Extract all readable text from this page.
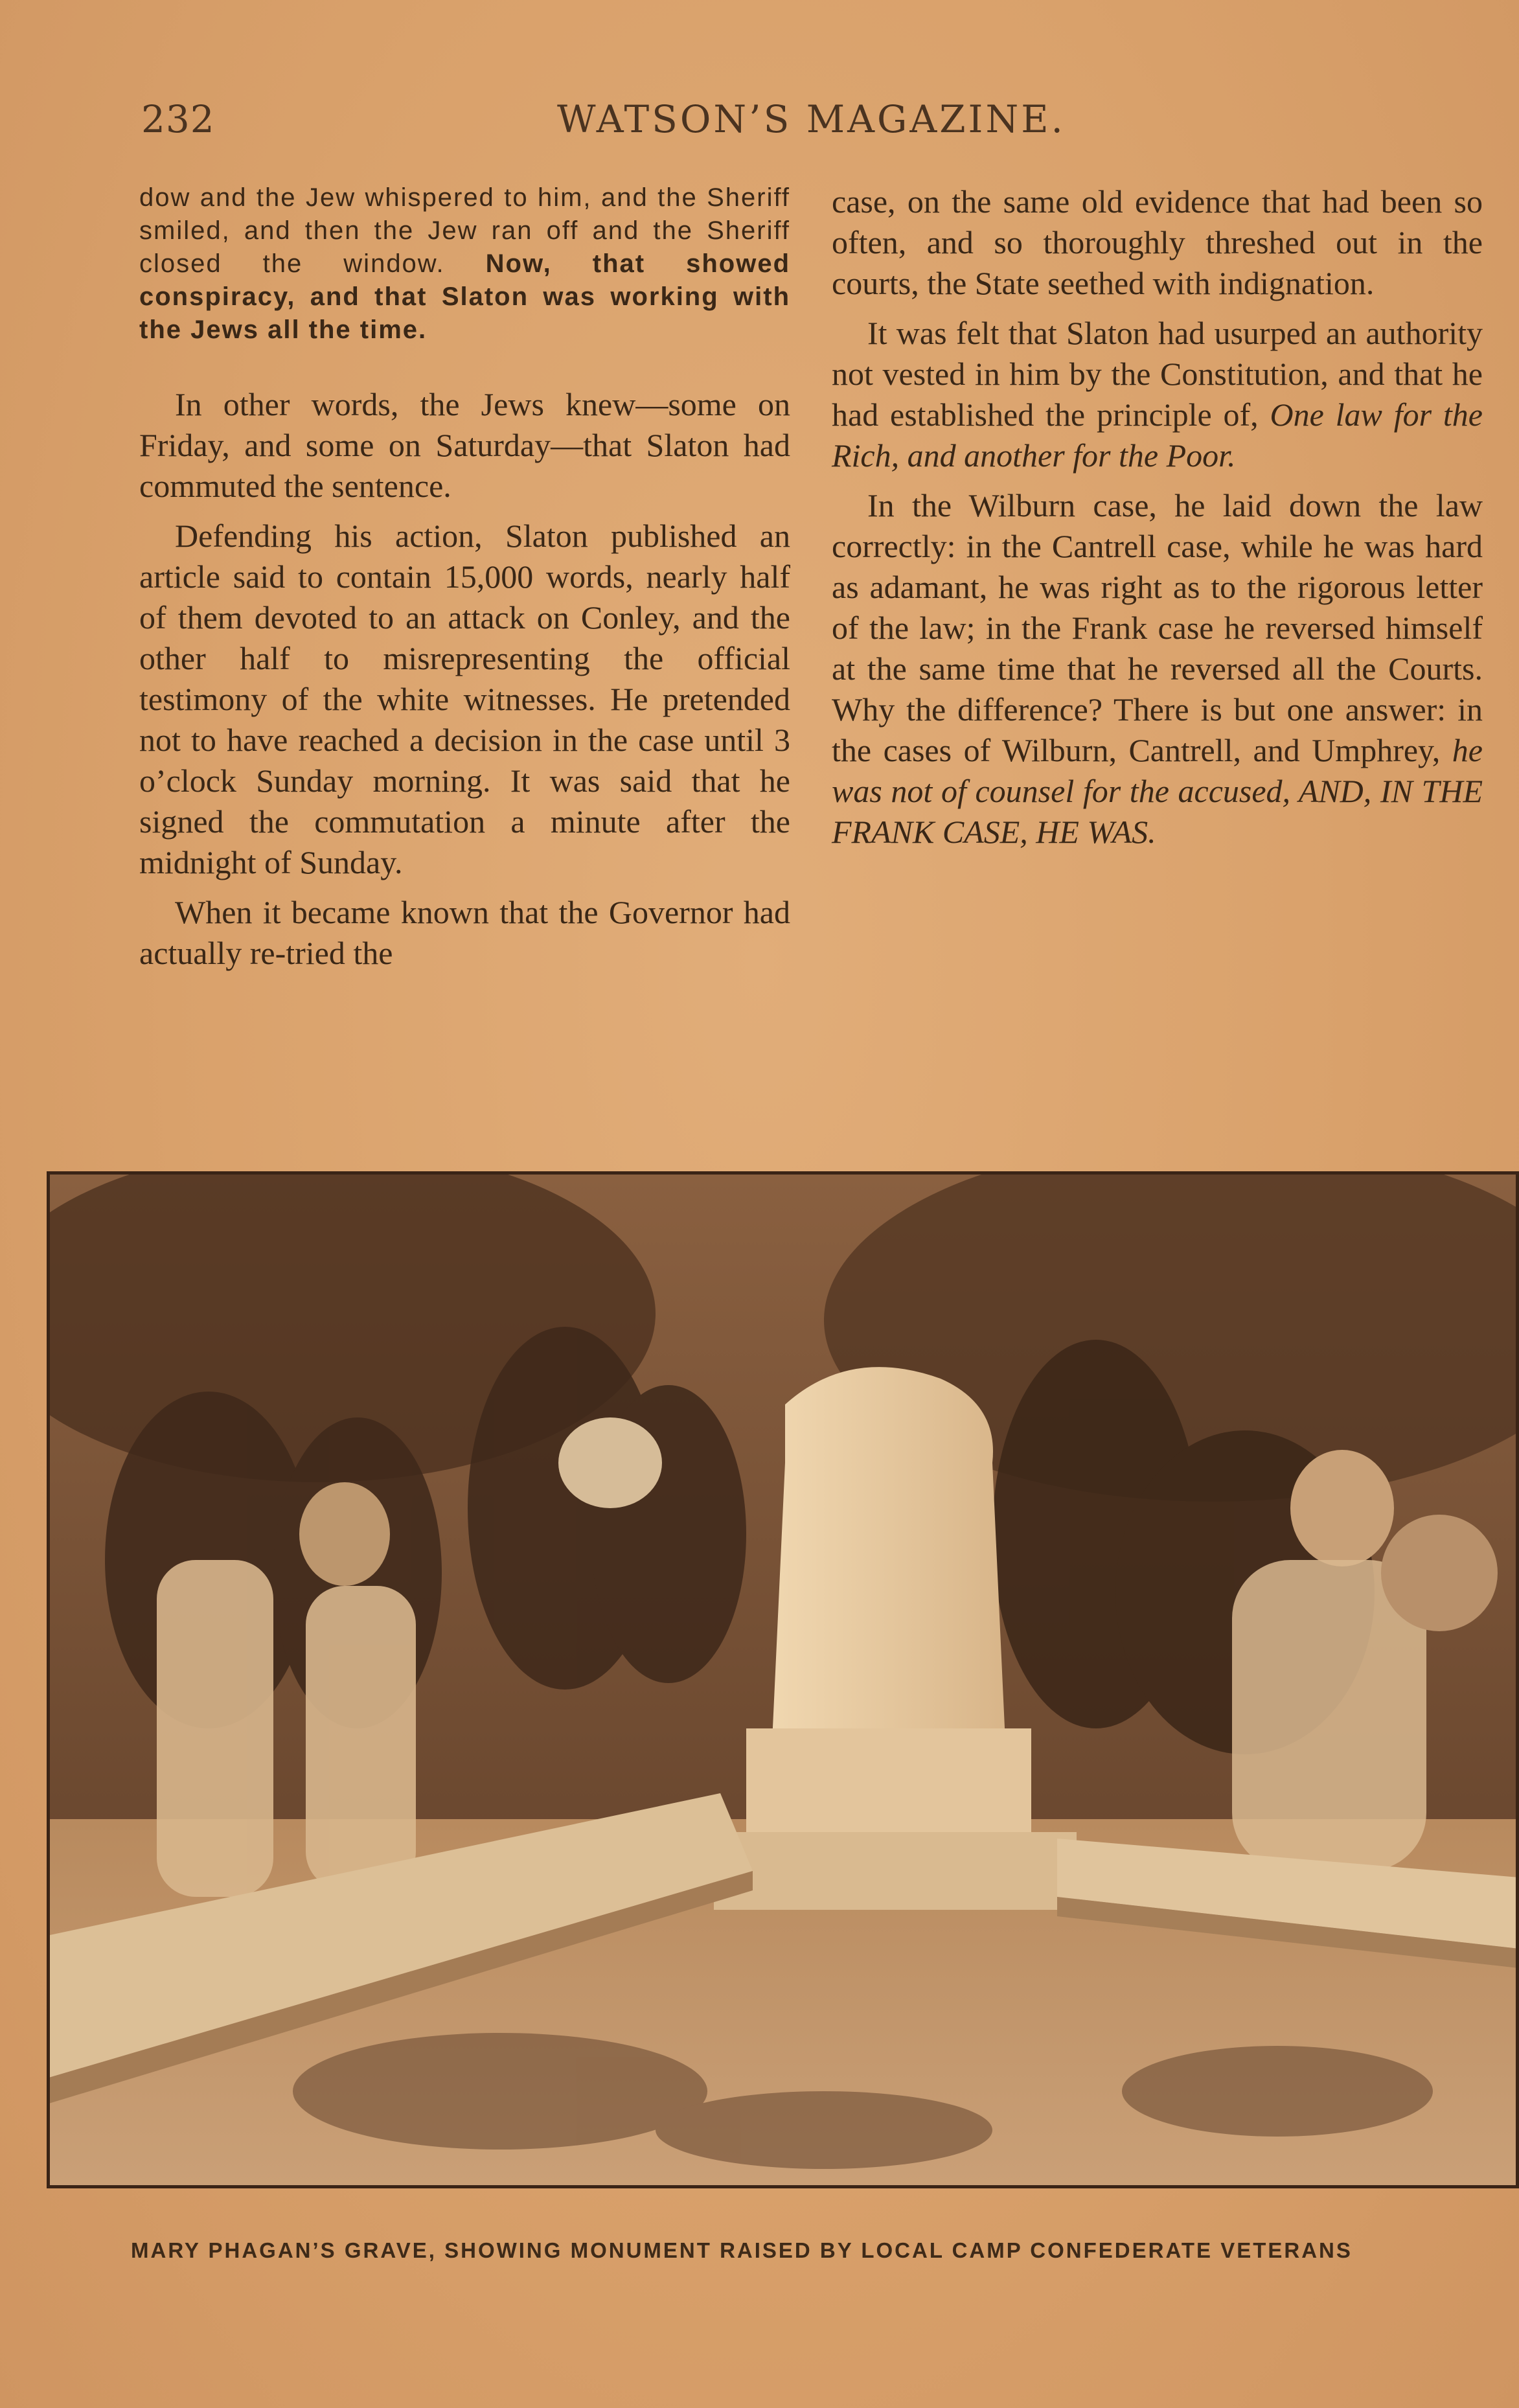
232	WATSON’S MAGAZINE.
dow and the Jew whispered to him, and the Sheriff smiled, and then the Jew ran off and the Sheriff closed the window. Now, that showed conspiracy, and that Slaton was working with the Jews all the time.

In other words, the Jews knew—some on Friday, and some on Saturday—that Slaton had commuted the sentence.

Defending his action, Slaton published an article said to contain 15,000 words, nearly half of them devoted to an attack on Conley, and the other half to misrepresenting the official testimony of the white witnesses. He pretended not to have reached a decision in the case until 3 o’clock Sunday morning. It was said that he signed the commutation a minute after the midnight of Sunday.

When it became known that the Governor had actually re-tried the

case, on the same old evidence that had been so often, and so thoroughly threshed out in the courts, the State seethed with indignation.

It was felt that Slaton had usurped an authority not vested in him by the Constitution, and that he had established the principle of, One law for the Rich, and another for the Poor.

In the Wilburn case, he laid down the law correctly: in the Cantrell case, while he was hard as adamant, he was right as to the rigorous letter of the law; in the Frank case he reversed himself at the same time that he reversed all the Courts. Why the difference? There is but one answer: in the cases of Wilburn, Cantrell, and Umphrey, he was not of counsel for the accused, AND, IN THE FRANK CASE, HE WAS.

MARY PHAGAN’S GRAVE, SHOWING MONUMENT RAISED BY LOCAL CAMP CONFEDERATE VETERANS
